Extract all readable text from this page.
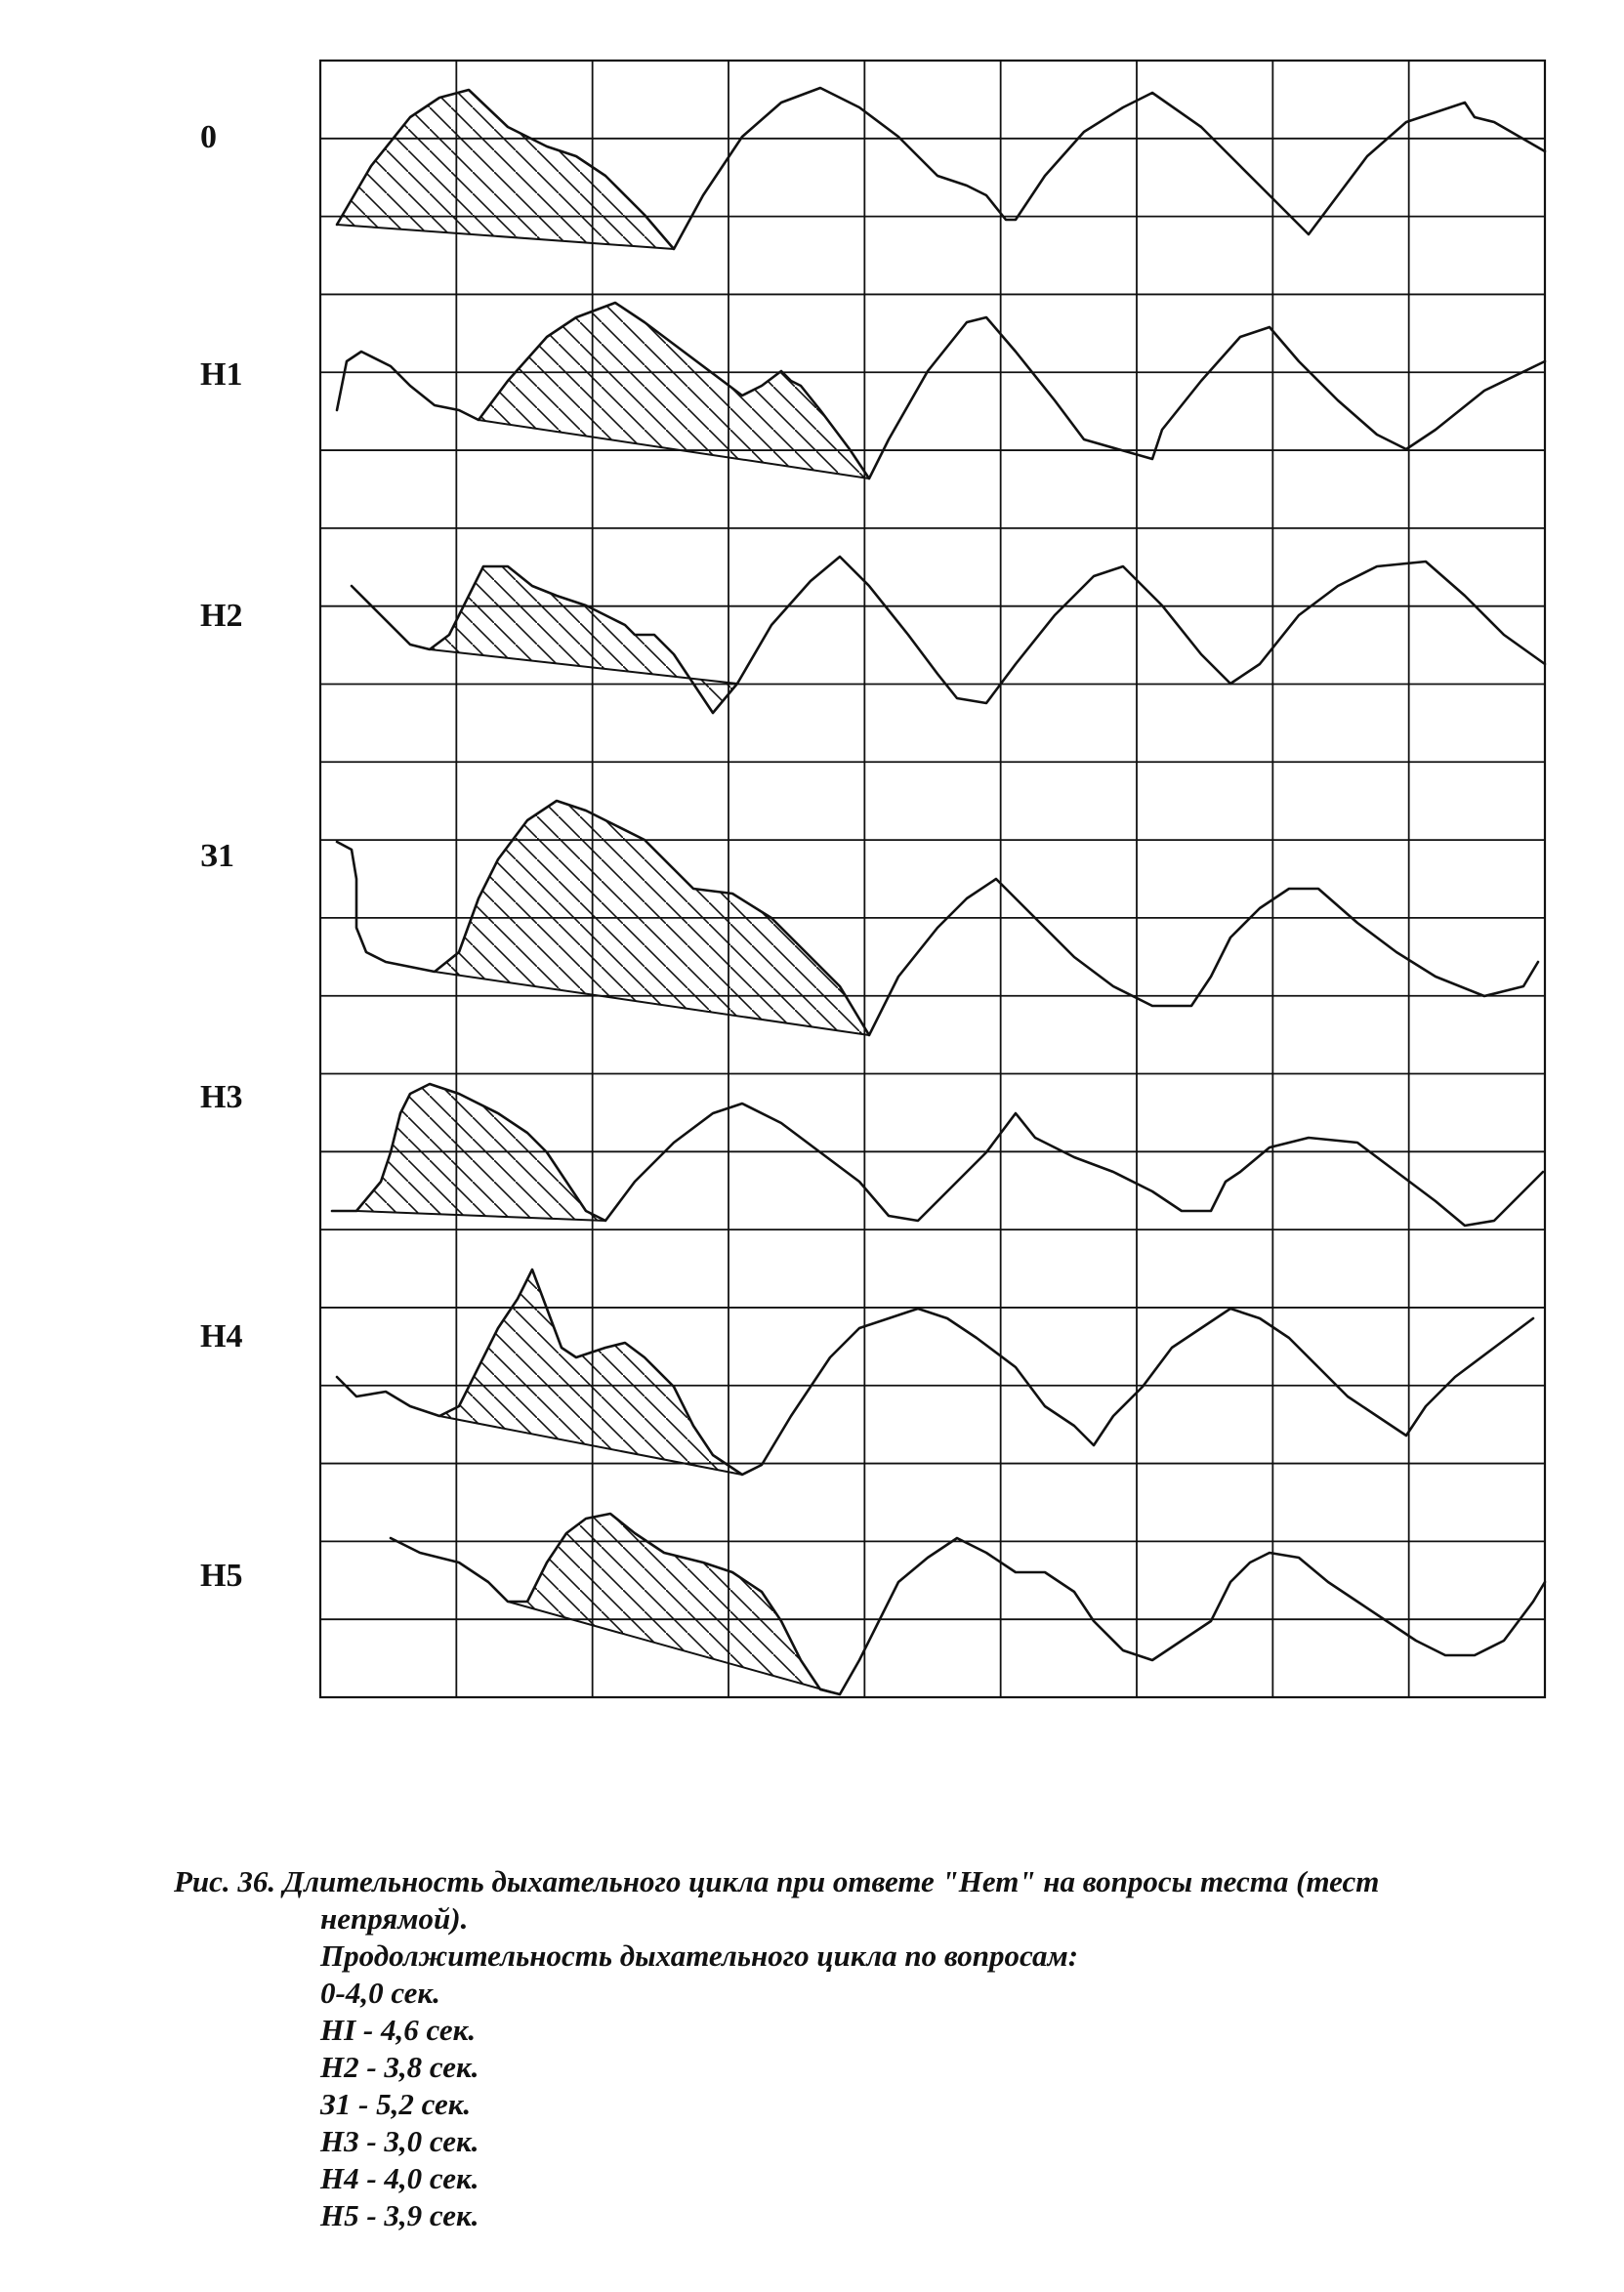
0
Н1
Н2
З1
Н3
Н4
Н5
Рис. 36. Длительность дыхательного цикла при ответе "Нет" на вопросы теста (тест
непрямой).
Продолжительность дыхательного цикла по вопросам:
0-4,0 сек.
НI - 4,6 сек.
Н2 - 3,8 сек.
З1 - 5,2 сек.
Н3 - 3,0 сек.
Н4 - 4,0 сек.
Н5 - 3,9 сек.
